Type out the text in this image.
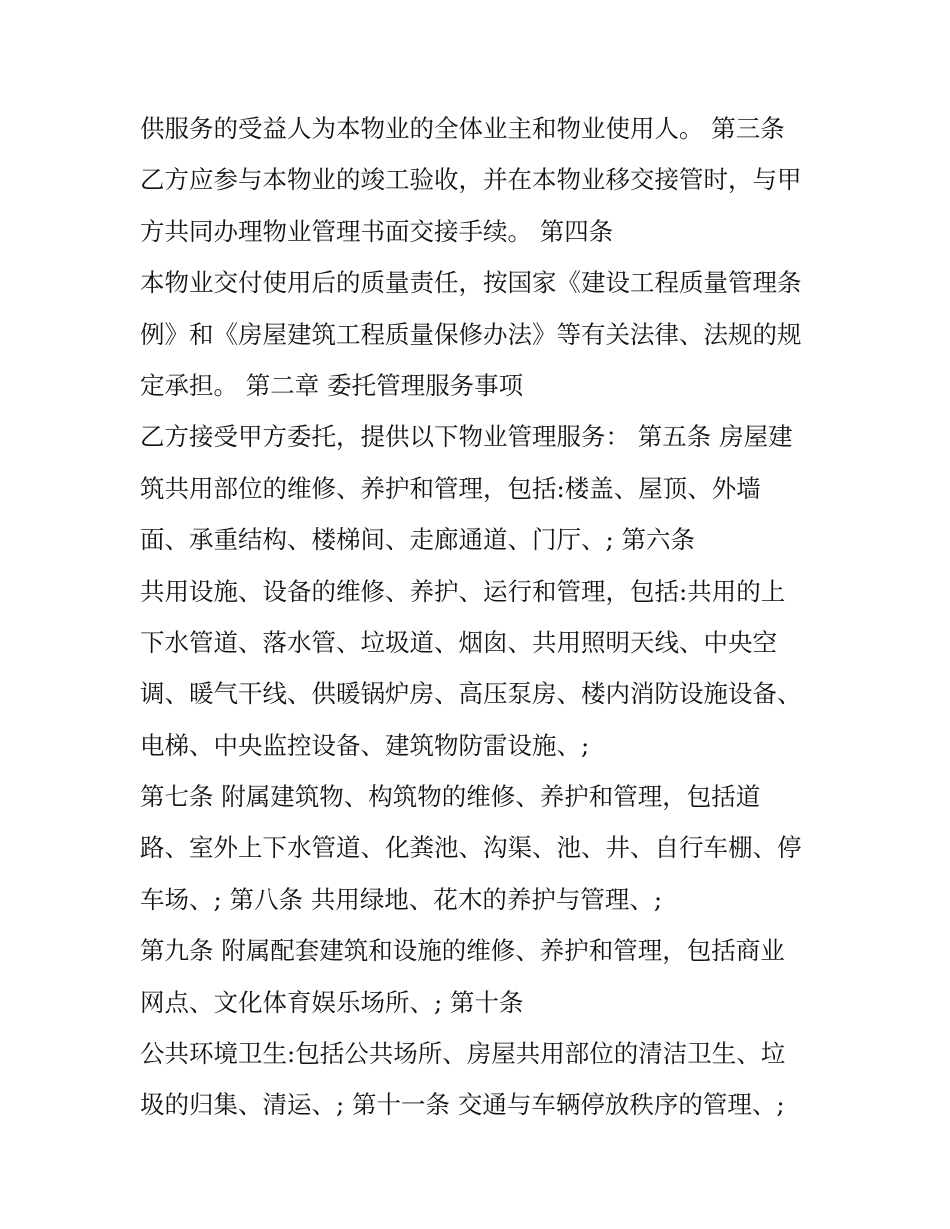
供服务的受益人为本物业的全体业主和物业使用人。 第三条
乙方应参与本物业的竣工验收，并在本物业移交接管时，与甲
方共同办理物业管理书面交接手续。 第四条
本物业交付使用后的质量责任，按国家《建设工程质量管理条
例》和《房屋建筑工程质量保修办法》等有关法律、法规的规
定承担。 第二章 委托管理服务事项
乙方接受甲方委托，提供以下物业管理服务： 第五条 房屋建
筑共用部位的维修、养护和管理，包括:楼盖、屋顶、外墙
面、承重结构、楼梯间、走廊通道、门厅、; 第六条
共用设施、设备的维修、养护、运行和管理，包括:共用的上
下水管道、落水管、垃圾道、烟囱、共用照明天线、中央空
调、暖气干线、供暖锅炉房、高压泵房、楼内消防设施设备、
电梯、中央监控设备、建筑物防雷设施、;
第七条 附属建筑物、构筑物的维修、养护和管理，包括道
路、室外上下水管道、化粪池、沟渠、池、井、自行车棚、停
车场、; 第八条 共用绿地、花木的养护与管理、;
第九条 附属配套建筑和设施的维修、养护和管理，包括商业
网点、文化体育娱乐场所、; 第十条
公共环境卫生:包括公共场所、房屋共用部位的清洁卫生、垃
圾的归集、清运、; 第十一条 交通与车辆停放秩序的管理、;
